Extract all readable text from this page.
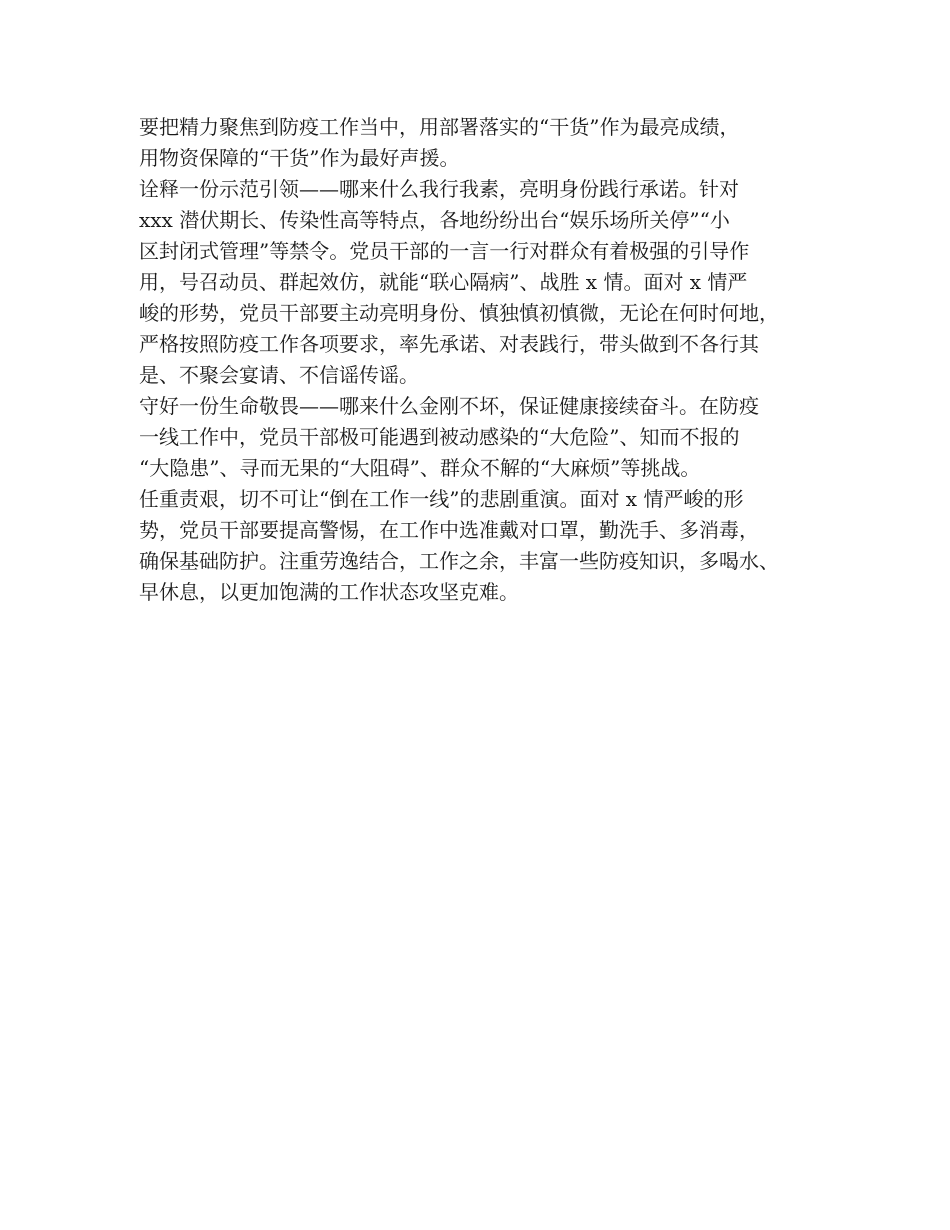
要把精力聚焦到防疫工作当中，用部署落实的“干货”作为最亮成绩，
用物资保障的“干货”作为最好声援。
诠释一份示范引领——哪来什么我行我素，亮明身份践行承诺。针对
xxx 潜伏期长、传染性高等特点，各地纷纷出台“娱乐场所关停”“小
区封闭式管理”等禁令。党员干部的一言一行对群众有着极强的引导作
用，号召动员、群起效仿，就能“联心隔病”、战胜 x 情。面对 x 情严
峻的形势，党员干部要主动亮明身份、慎独慎初慎微，无论在何时何地，
严格按照防疫工作各项要求，率先承诺、对表践行，带头做到不各行其
是、不聚会宴请、不信谣传谣。
守好一份生命敬畏——哪来什么金刚不坏，保证健康接续奋斗。在防疫
一线工作中，党员干部极可能遇到被动感染的“大危险”、知而不报的
“大隐患”、寻而无果的“大阻碍”、群众不解的“大麻烦”等挑战。
任重责艰，切不可让“倒在工作一线”的悲剧重演。面对 x 情严峻的形
势，党员干部要提高警惕，在工作中选准戴对口罩，勤洗手、多消毒，
确保基础防护。注重劳逸结合，工作之余，丰富一些防疫知识，多喝水、
早休息，以更加饱满的工作状态攻坚克难。
